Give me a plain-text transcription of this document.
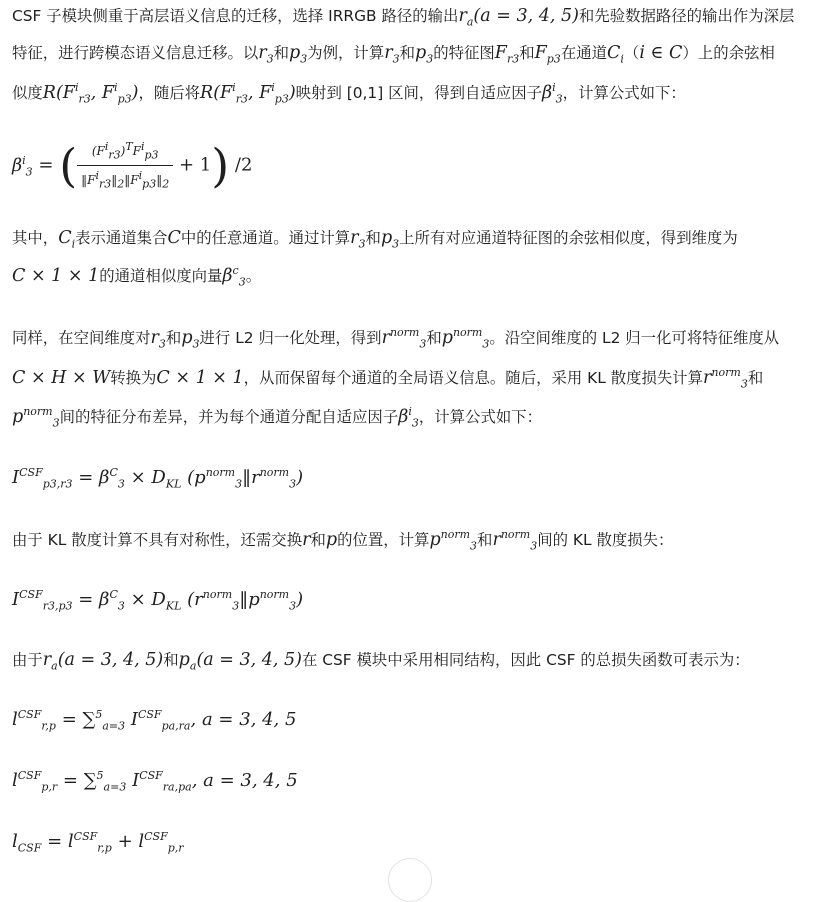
CSF 子模块侧重于高层语义信息的迁移，选择 IRRGB 路径的输出$r_a(a = 3$, 4, 5)和先验数据路径的输出作为深层
特征，进行跨模态语义信息迁移。以$r_3$和$p_3$为例，计算$r_3$和$p_3$的特征图$F_{r3}$和$F_{p3}$在通道$C_i(i$ ∈ C）上的余弦相
似度$R(F^i_{r3}$, $F^i_{p3}$)，随后将$R(F^i_{r3}$, $F^i_{p3}$)映射到 [0,1] 区间，得到自适应因子$\beta^i_3$，计算公式如下：
$\beta^i_3$ = ( $\frac{(F^i_{r3})^TF^i_{p3}}{‖F^i_{r3}‖_2‖F^i_{p3}‖_2} + 1$) /2
其中，$C_i$表示通道集合C中的任意通道。通过计算$r_3$和$p_3$上所有对应通道特征图的余弦相似度，得到维度为
C × 1 × 1的通道相似度向量$\beta^c_3$。
同样，在空间维度对$r_3$和$p_3$进行 L2 归一化处理，得到$r^{norm}_3$和$p^{norm}_3$。沿空间维度的 L2 归一化可将特征维度从
C × H × W转换为C × 1 × 1，从而保留每个通道的全局语义信息。随后，采用 KL 散度损失计算$r^{norm}_3$和
$p^{norm}_3$间的特征分布差异，并为每个通道分配自适应因子$\beta^i_3$，计算公式如下：
$I^{CSF}_{p3,r3} = \beta^C_3 \times D_{KL}$ $(p^{norm}_3‖r^{norm}_3)$
由于 KL 散度计算不具有对称性，还需交换r和p的位置，计算$p^{norm}_3$和$r^{norm}_3$间的 KL 散度损失：
$I^{CSF}_{r3,p3} = \beta^C_3 \times D_{KL}$ $(r^{norm}_3‖p^{norm}_3)$
由于$r_a(a = 3$, 4, 5)和$p_a(a = 3$, 4, 5)在 CSF 模块中采用相同结构，因此 CSF 的总损失函数可表示为：
$l^{CSF}_{r,p} = \sum^5_{a=3}$ $I^{CSF}_{pa,ra}$, a = 3, 4, 5
$l^{CSF}_{p,r} = \sum^5_{a=3}$ $I^{CSF}_{ra,pa}$, a = 3, 4, 5
$l_{CSF} = l^{CSF}_{r,p} + l^{CSF}_{p,r}$
